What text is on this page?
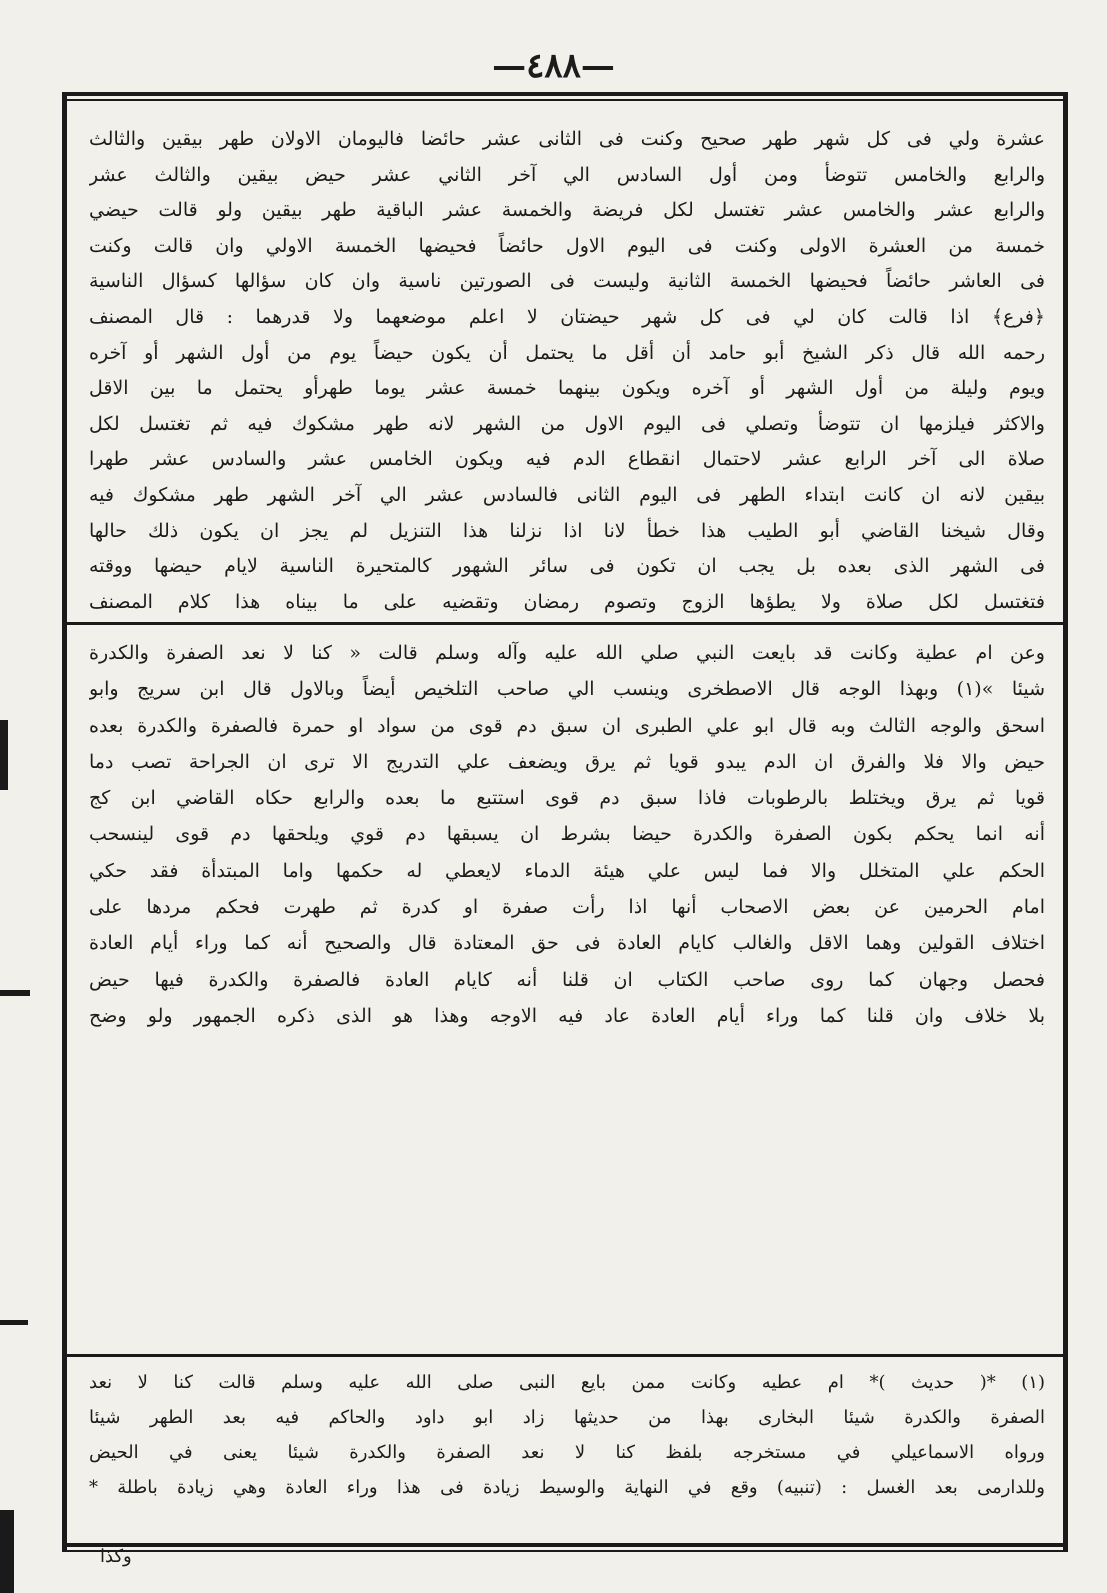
—٤٨٨—
عشرة ولي فى كل شهر طهر صحيح وكنت فى الثانى عشر حائضا فاليومان الاولان طهر بيقين والثالث
والرابع والخامس تتوضأ ومن أول السادس الي آخر الثاني عشر حيض بيقين والثالث عشر
والرابع عشر والخامس عشر تغتسل لكل فريضة والخمسة عشر الباقية طهر بيقين ولو قالت حيضي
خمسة من العشرة الاولى وكنت فى اليوم الاول حائضاً فحيضها الخمسة الاولي وان قالت وكنت
فى العاشر حائضاً فحيضها الخمسة الثانية وليست فى الصورتين ناسية وان كان سؤالها كسؤال الناسية
﴿فرع﴾ اذا قالت كان لي فى كل شهر حيضتان لا اعلم موضعهما ولا قدرهما : قال المصنف
رحمه الله قال ذكر الشيخ أبو حامد أن أقل ما يحتمل أن يكون حيضاً يوم من أول الشهر أو آخره
ويوم وليلة من أول الشهر أو آخره ويكون بينهما خمسة عشر يوما طهرأو يحتمل ما بين الاقل
والاكثر فيلزمها ان تتوضأ وتصلي فى اليوم الاول من الشهر لانه طهر مشكوك فيه ثم تغتسل لكل
صلاة الى آخر الرابع عشر لاحتمال انقطاع الدم فيه ويكون الخامس عشر والسادس عشر طهرا
بيقين لانه ان كانت ابتداء الطهر فى اليوم الثانى فالسادس عشر الي آخر الشهر طهر مشكوك فيه
وقال شيخنا القاضي أبو الطيب هذا خطأ لانا اذا نزلنا هذا التنزيل لم يجز ان يكون ذلك حالها
فى الشهر الذى بعده بل يجب ان تكون فى سائر الشهور كالمتحيرة الناسية لايام حيضها ووقته
فتغتسل لكل صلاة ولا يطؤها الزوج وتصوم رمضان وتقضيه على ما بيناه هذا كلام المصنف
وعن ام عطية وكانت قد بايعت النبي صلي الله عليه وآله وسلم قالت « كنا لا نعد الصفرة والكدرة
شيئا »(١) وبهذا الوجه قال الاصطخرى وينسب الي صاحب التلخيص أيضاً وبالاول قال ابن سريج وابو
اسحق والوجه الثالث وبه قال ابو علي الطبرى ان سبق دم قوى من سواد او حمرة فالصفرة والكدرة بعده
حيض والا فلا والفرق ان الدم يبدو قويا ثم يرق ويضعف علي التدريج الا ترى ان الجراحة تصب دما
قويا ثم يرق ويختلط بالرطوبات فاذا سبق دم قوى استتبع ما بعده والرابع حكاه القاضي ابن كج
أنه انما يحكم بكون الصفرة والكدرة حيضا بشرط ان يسبقها دم قوي ويلحقها دم قوى لينسحب
الحكم علي المتخلل والا فما ليس علي هيئة الدماء لايعطي له حكمها واما المبتدأة فقد حكي
امام الحرمين عن بعض الاصحاب أنها اذا رأت صفرة او كدرة ثم طهرت فحكم مردها على
اختلاف القولين وهما الاقل والغالب كايام العادة فى حق المعتادة قال والصحيح أنه كما وراء أيام العادة
فحصل وجهان كما روى صاحب الكتاب ان قلنا أنه كايام العادة فالصفرة والكدرة فيها حيض
بلا خلاف وان قلنا كما وراء أيام العادة عاد فيه الاوجه وهذا هو الذى ذكره الجمهور ولو وضح
(١) *( حديث )* ام عطيه وكانت ممن بايع النبى صلى الله عليه وسلم قالت كنا لا نعد
الصفرة والكدرة شيئا البخارى بهذا من حديثها زاد ابو داود والحاكم فيه بعد الطهر شيئا
ورواه الاسماعيلي في مستخرجه بلفظ كنا لا نعد الصفرة والكدرة شيئا يعنى في الحيض
وللدارمى بعد الغسل : (تنبيه) وقع في النهاية والوسيط زيادة فى هذا وراء العادة وهي زيادة باطلة *
وكذا
